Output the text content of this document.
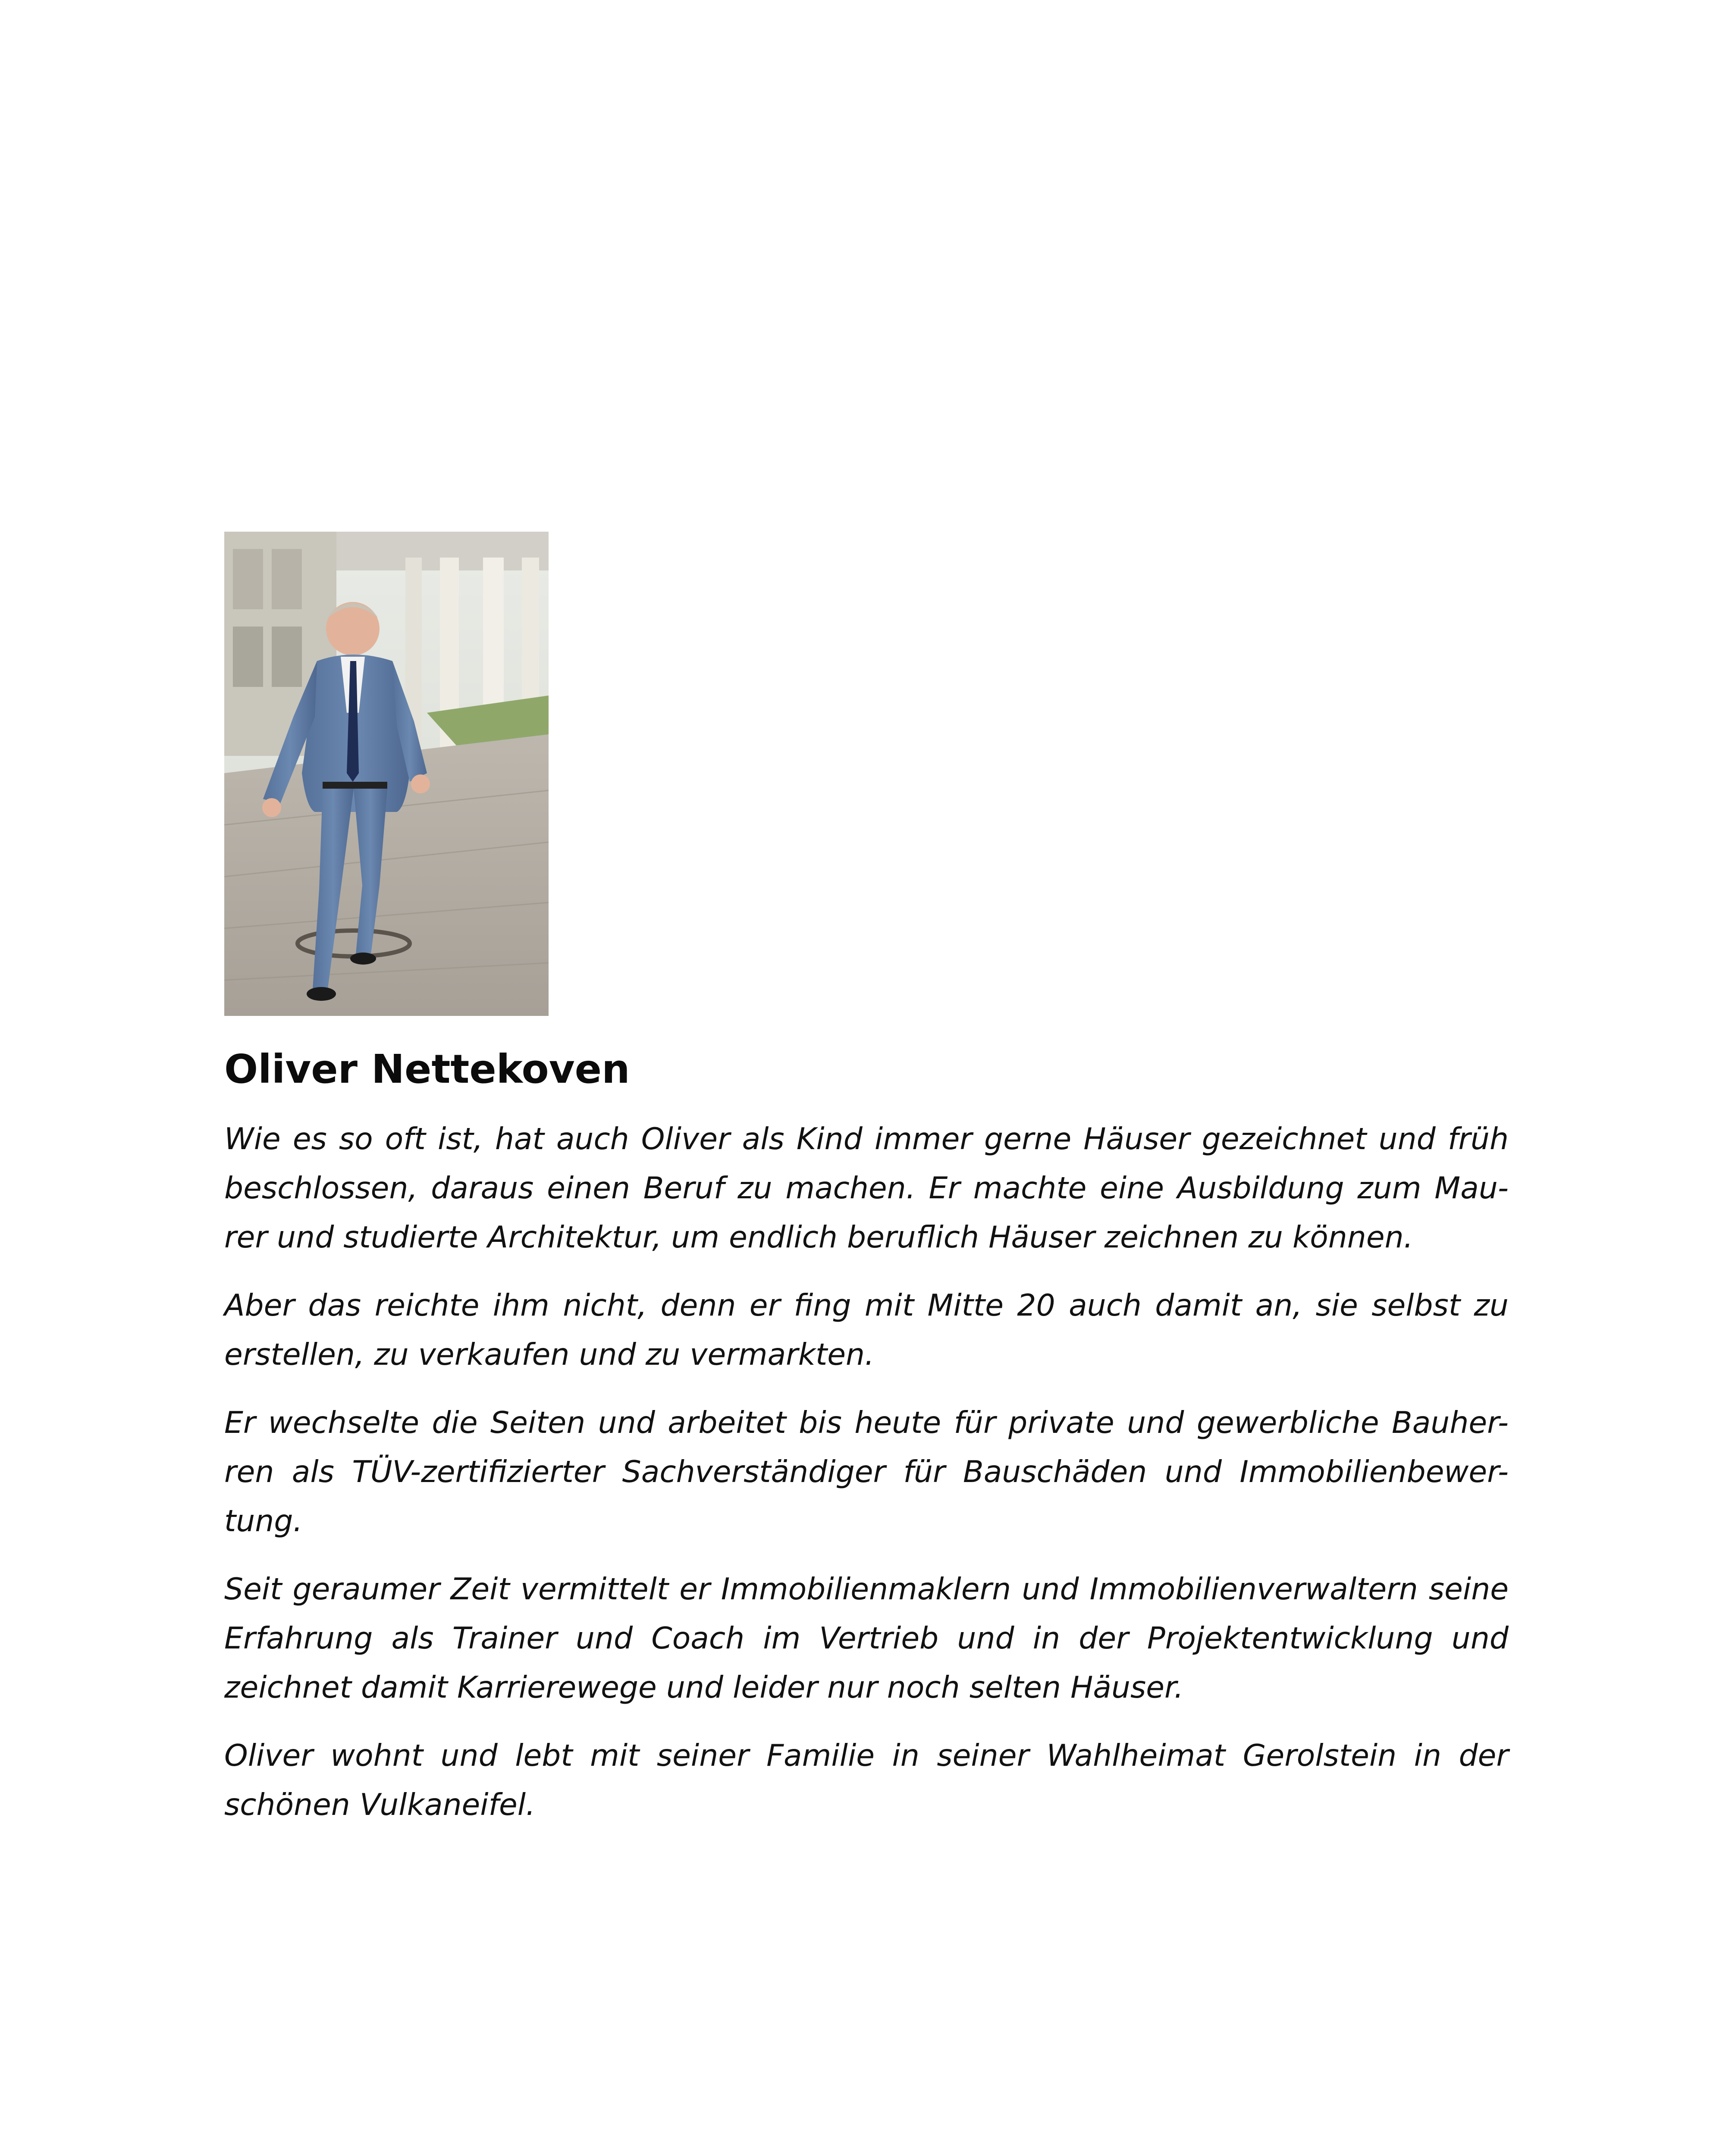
Oliver Nettekoven

Wie es so oft ist, hat auch Oliver als Kind immer gerne Häuser gezeichnet und früh beschlossen, daraus einen Beruf zu machen. Er machte eine Ausbildung zum Mau-rer und studierte Architektur, um endlich beruflich Häuser zeichnen zu können.

Aber das reichte ihm nicht, denn er fing mit Mitte 20 auch damit an, sie selbst zu erstellen, zu verkaufen und zu vermarkten.

Er wechselte die Seiten und arbeitet bis heute für private und gewerbliche Bauher-ren als TÜV-zertifizierter Sachverständiger für Bauschäden und Immobilienbewer-tung.

Seit geraumer Zeit vermittelt er Immobilienmaklern und Immobilienverwaltern seine Erfahrung als Trainer und Coach im Vertrieb und in der Projektentwicklung und zeichnet damit Karrierewege und leider nur noch selten Häuser.

Oliver wohnt und lebt mit seiner Familie in seiner Wahlheimat Gerolstein in der schönen Vulkaneifel.
